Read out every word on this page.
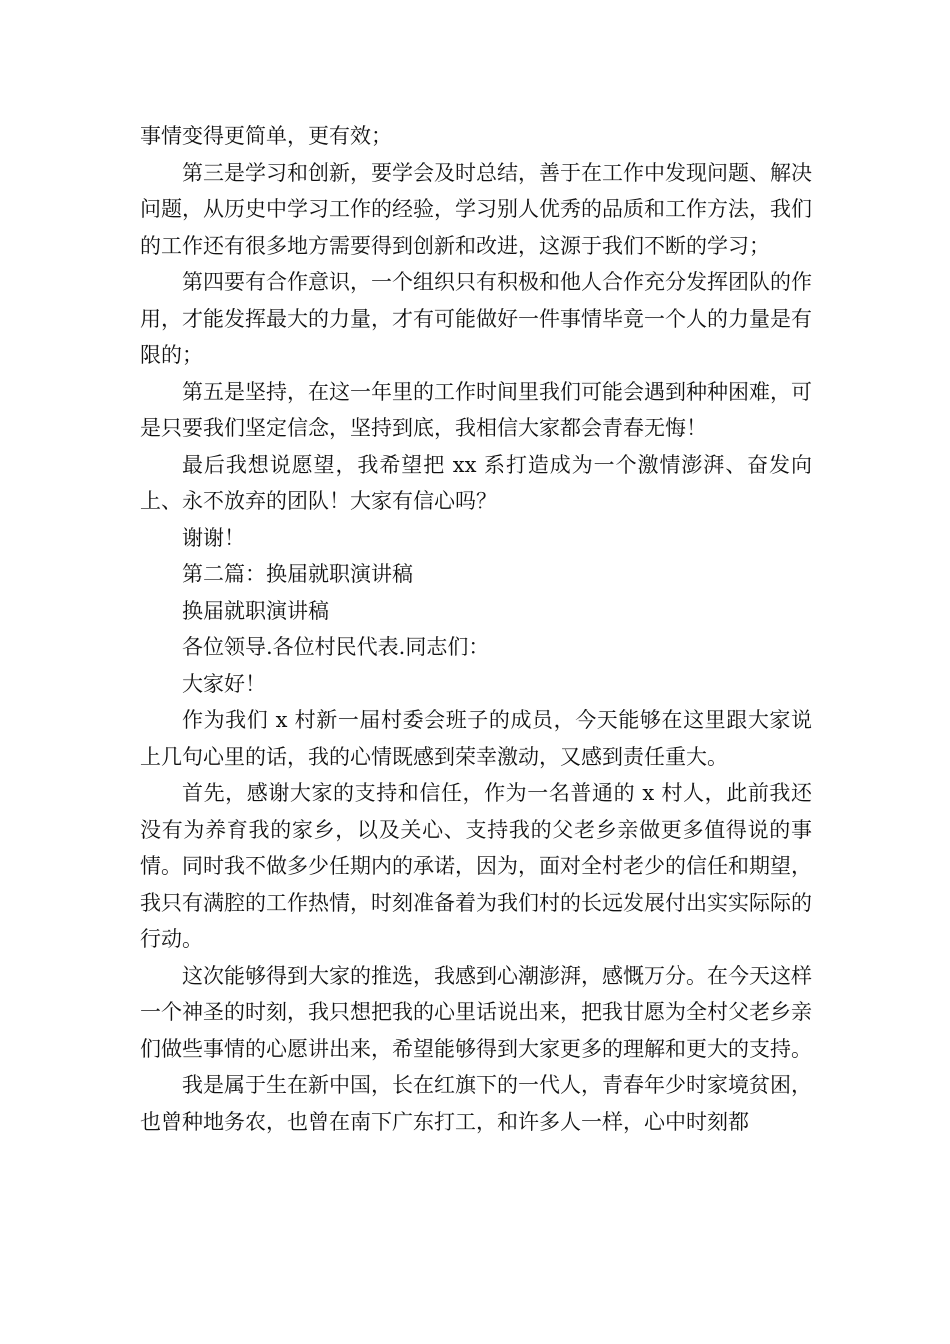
事情变得更简单，更有效；

第三是学习和创新，要学会及时总结，善于在工作中发现问题、解决问题，从历史中学习工作的经验，学习别人优秀的品质和工作方法，我们的工作还有很多地方需要得到创新和改进，这源于我们不断的学习；

第四要有合作意识，一个组织只有积极和他人合作充分发挥团队的作用，才能发挥最大的力量，才有可能做好一件事情毕竟一个人的力量是有限的；

第五是坚持，在这一年里的工作时间里我们可能会遇到种种困难，可是只要我们坚定信念，坚持到底，我相信大家都会青春无悔！

最后我想说愿望，我希望把 xx 系打造成为一个激情澎湃、奋发向上、永不放弃的团队！大家有信心吗？

谢谢！

第二篇：换届就职演讲稿

换届就职演讲稿

各位领导.各位村民代表.同志们：

大家好！

作为我们 x 村新一届村委会班子的成员，今天能够在这里跟大家说上几句心里的话，我的心情既感到荣幸激动，又感到责任重大。

首先，感谢大家的支持和信任，作为一名普通的 x 村人，此前我还没有为养育我的家乡，以及关心、支持我的父老乡亲做更多值得说的事情。同时我不做多少任期内的承诺，因为，面对全村老少的信任和期望，我只有满腔的工作热情，时刻准备着为我们村的长远发展付出实实际际的行动。

这次能够得到大家的推选，我感到心潮澎湃，感慨万分。在今天这样一个神圣的时刻，我只想把我的心里话说出来，把我甘愿为全村父老乡亲们做些事情的心愿讲出来，希望能够得到大家更多的理解和更大的支持。

我是属于生在新中国，长在红旗下的一代人，青春年少时家境贫困，也曾种地务农，也曾在南下广东打工，和许多人一样，心中时刻都
